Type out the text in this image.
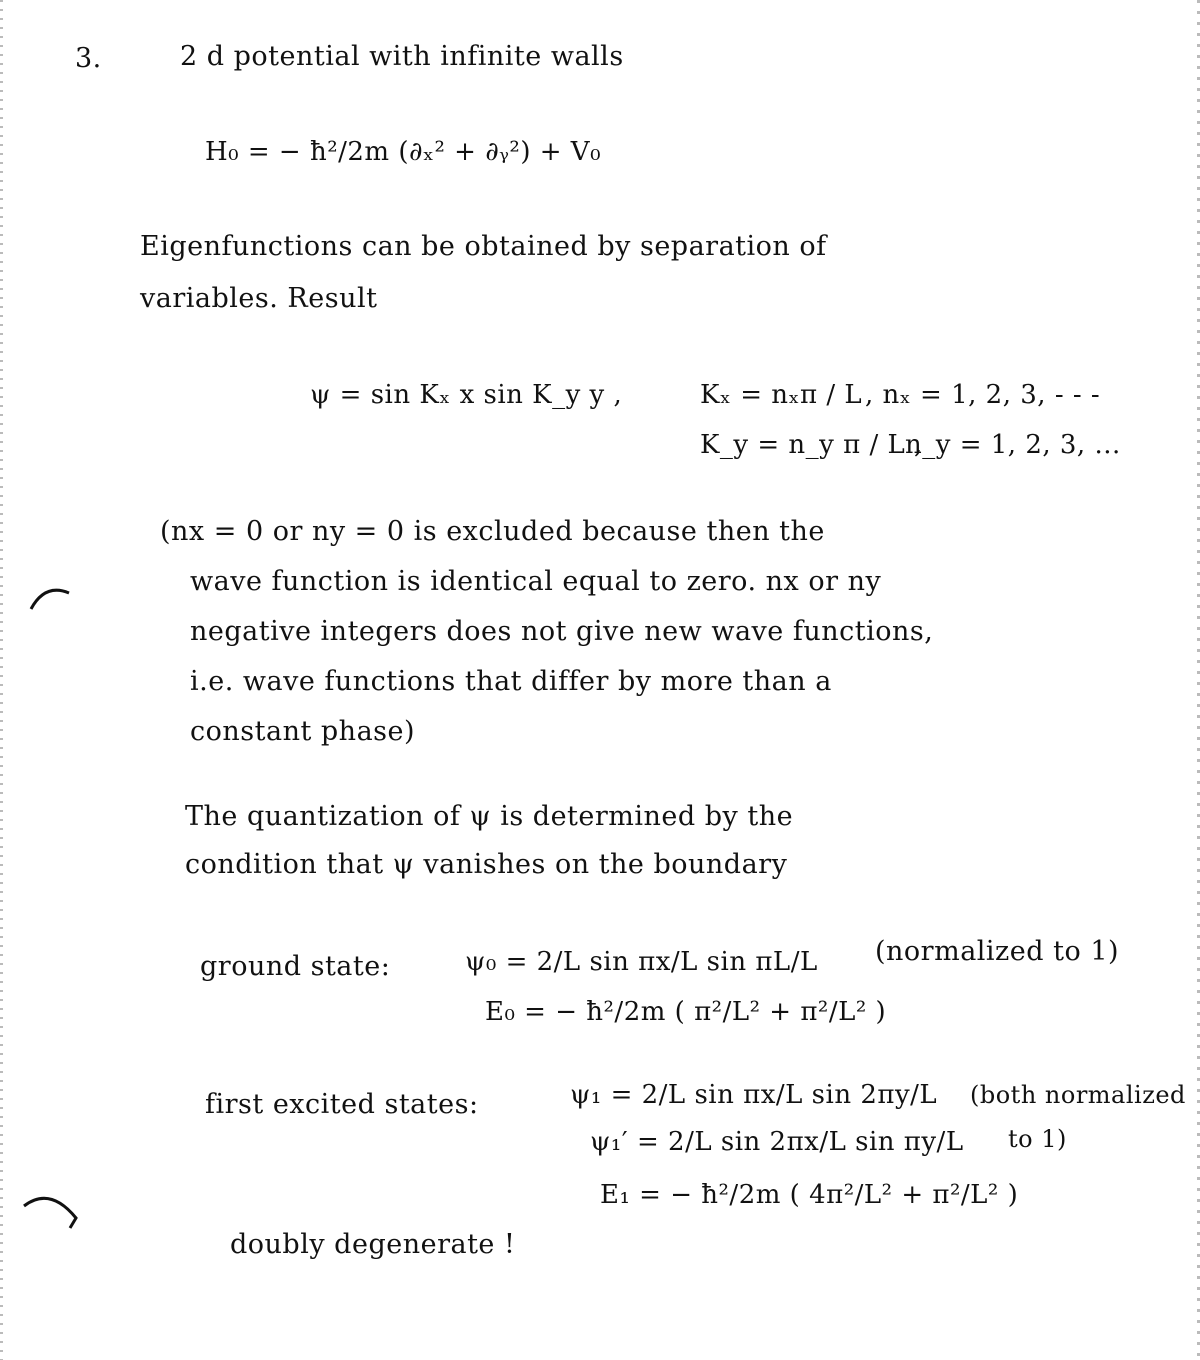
3.	2 d potential with infinite walls
H₀ = − ħ²/2m (∂ₓ² + ∂ᵧ²) + V₀
Eigenfunctions can be obtained by separation of
variables. Result
ψ = sin Kₓ x sin K_y y ,	Kₓ = nₓπ / L , nₓ = 1, 2, 3, - - -
K_y = n_y π / L ,
n_y = 1, 2, 3, ...
(nx = 0 or ny = 0 is excluded because then the
wave function is identical equal to zero. nx or ny
negative integers does not give new wave functions,
i.e. wave functions that differ by more than a
constant phase)
The quantization of ψ is determined by the
condition that ψ vanishes on the boundary
ground state:	ψ₀ = 2/L sin πx/L sin πL/L (normalized to 1)
E₀ = − ħ²/2m ( π²/L² + π²/L² )
first excited states:	ψ₁ = 2/L sin πx/L sin 2πy/L (both normalized
ψ₁′ = 2/L sin 2πx/L sin πy/L to 1)
E₁ = − ħ²/2m ( 4π²/L² + π²/L² )
doubly degenerate !
